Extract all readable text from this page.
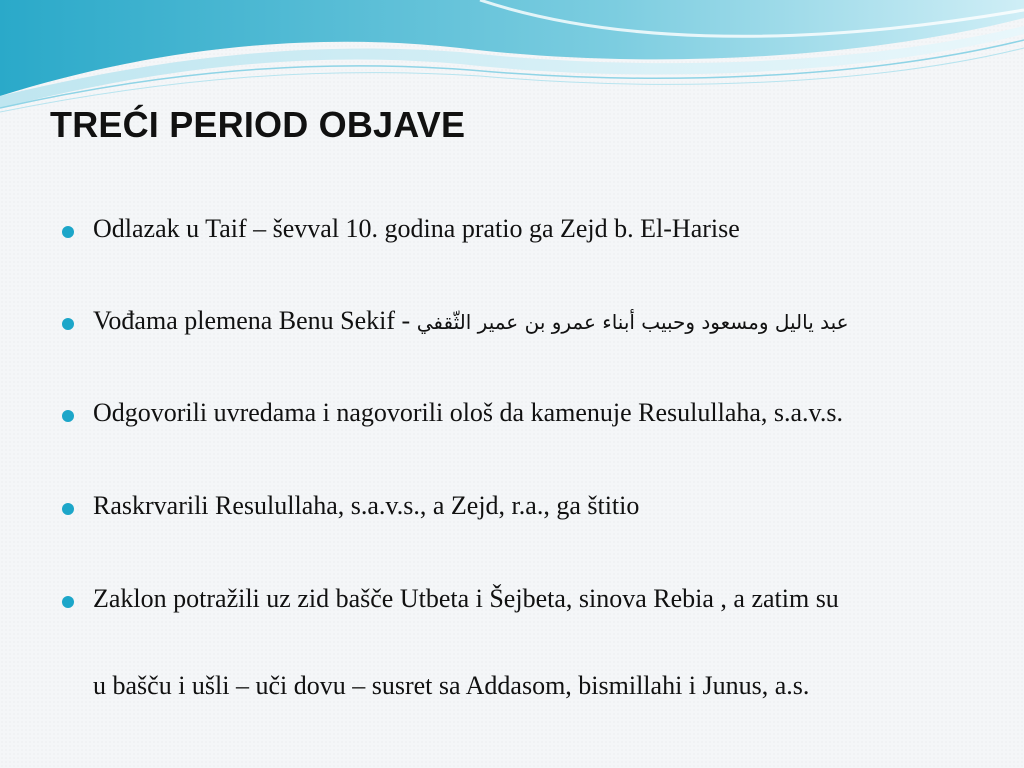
TREĆI PERIOD OBJAVE
Odlazak u Taif – ševval 10. godina pratio ga Zejd b. El-Harise
Vođama plemena Benu Sekif - عبد ياليل ومسعود وحبيب أبناء عمرو بن عمير الثّقفي
Odgovorili uvredama i nagovorili ološ da kamenuje Resulullaha, s.a.v.s.
Raskrvarili Resulullaha, s.a.v.s., a Zejd, r.a., ga štitio
Zaklon potražili uz zid bašče Utbeta i Šejbeta, sinova Rebia , a zatim su
u bašču i ušli – uči dovu – susret sa Addasom, bismillahi i Junus, a.s.
